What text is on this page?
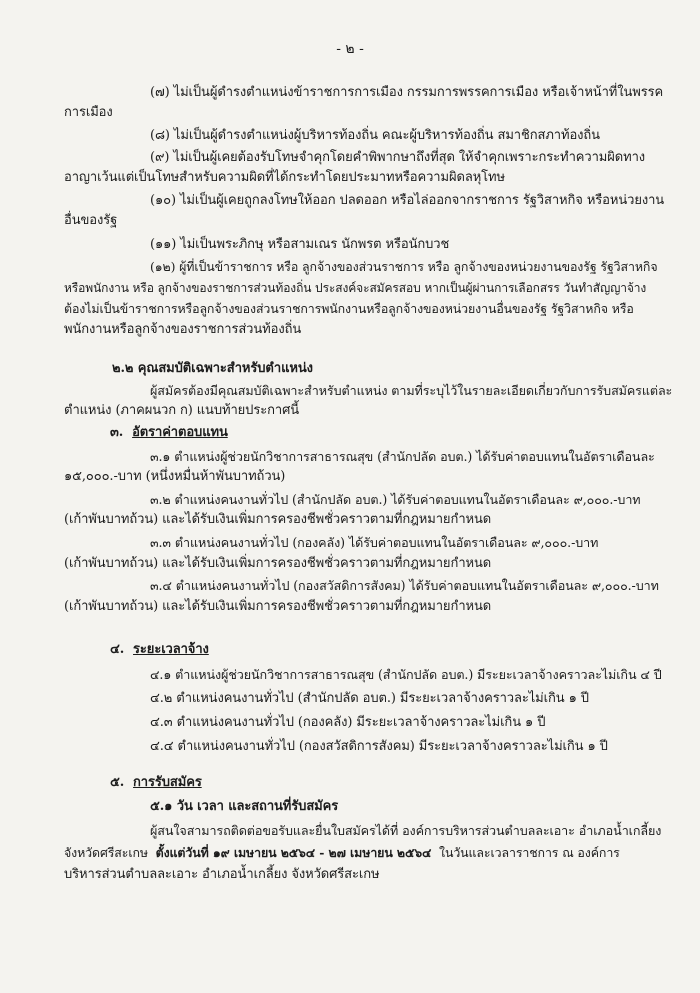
- ๒ -
(๗) ไม่เป็นผู้ดำรงตำแหน่งข้าราชการการเมือง กรรมการพรรคการเมือง หรือเจ้าหน้าที่ในพรรค
การเมือง
(๘) ไม่เป็นผู้ดำรงตำแหน่งผู้บริหารท้องถิ่น คณะผู้บริหารท้องถิ่น สมาชิกสภาท้องถิ่น
(๙) ไม่เป็นผู้เคยต้องรับโทษจำคุกโดยคำพิพากษาถึงที่สุด ให้จำคุกเพราะกระทำความผิดทาง
อาญาเว้นแต่เป็นโทษสำหรับความผิดที่ได้กระทำโดยประมาทหรือความผิดลหุโทษ
(๑๐) ไม่เป็นผู้เคยถูกลงโทษให้ออก ปลดออก หรือไล่ออกจากราชการ รัฐวิสาหกิจ หรือหน่วยงาน
อื่นของรัฐ
(๑๑) ไม่เป็นพระภิกษุ หรือสามเณร นักพรต หรือนักบวช
(๑๒) ผู้ที่เป็นข้าราชการ หรือ ลูกจ้างของส่วนราชการ หรือ ลูกจ้างของหน่วยงานของรัฐ รัฐวิสาหกิจ
หรือพนักงาน หรือ ลูกจ้างของราชการส่วนท้องถิ่น ประสงค์จะสมัครสอบ หากเป็นผู้ผ่านการเลือกสรร วันทำสัญญาจ้าง
ต้องไม่เป็นข้าราชการหรือลูกจ้างของส่วนราชการพนักงานหรือลูกจ้างของหน่วยงานอื่นของรัฐ รัฐวิสาหกิจ หรือ
พนักงานหรือลูกจ้างของราชการส่วนท้องถิ่น
๒.๒ คุณสมบัติเฉพาะสำหรับตำแหน่ง
ผู้สมัครต้องมีคุณสมบัติเฉพาะสำหรับตำแหน่ง ตามที่ระบุไว้ในรายละเอียดเกี่ยวกับการรับสมัครแต่ละ
ตำแหน่ง (ภาคผนวก ก) แนบท้ายประกาศนี้
๓. อัตราค่าตอบแทน
๓.๑ ตำแหน่งผู้ช่วยนักวิชาการสาธารณสุข (สำนักปลัด อบต.) ได้รับค่าตอบแทนในอัตราเดือนละ
๑๕,๐๐๐.-บาท (หนึ่งหมื่นห้าพันบาทถ้วน)
๓.๒ ตำแหน่งคนงานทั่วไป (สำนักปลัด อบต.) ได้รับค่าตอบแทนในอัตราเดือนละ ๙,๐๐๐.-บาท
(เก้าพันบาทถ้วน) และได้รับเงินเพิ่มการครองชีพชั่วคราวตามที่กฎหมายกำหนด
๓.๓ ตำแหน่งคนงานทั่วไป (กองคลัง) ได้รับค่าตอบแทนในอัตราเดือนละ ๙,๐๐๐.-บาท
(เก้าพันบาทถ้วน) และได้รับเงินเพิ่มการครองชีพชั่วคราวตามที่กฎหมายกำหนด
๓.๔ ตำแหน่งคนงานทั่วไป (กองสวัสดิการสังคม) ได้รับค่าตอบแทนในอัตราเดือนละ ๙,๐๐๐.-บาท
(เก้าพันบาทถ้วน) และได้รับเงินเพิ่มการครองชีพชั่วคราวตามที่กฎหมายกำหนด
๔. ระยะเวลาจ้าง
๔.๑ ตำแหน่งผู้ช่วยนักวิชาการสาธารณสุข (สำนักปลัด อบต.) มีระยะเวลาจ้างคราวละไม่เกิน ๔ ปี
๔.๒ ตำแหน่งคนงานทั่วไป (สำนักปลัด อบต.) มีระยะเวลาจ้างคราวละไม่เกิน ๑ ปี
๔.๓ ตำแหน่งคนงานทั่วไป (กองคลัง) มีระยะเวลาจ้างคราวละไม่เกิน ๑ ปี
๔.๔ ตำแหน่งคนงานทั่วไป (กองสวัสดิการสังคม) มีระยะเวลาจ้างคราวละไม่เกิน ๑ ปี
๕. การรับสมัคร
๕.๑ วัน เวลา และสถานที่รับสมัคร
ผู้สนใจสามารถติดต่อขอรับและยื่นใบสมัครได้ที่ องค์การบริหารส่วนตำบลละเอาะ อำเภอน้ำเกลี้ยง
จังหวัดศรีสะเกษ ตั้งแต่วันที่ ๑๙ เมษายน ๒๕๖๔ - ๒๗ เมษายน ๒๕๖๔ ในวันและเวลาราชการ ณ องค์การ
บริหารส่วนตำบลละเอาะ อำเภอน้ำเกลี้ยง จังหวัดศรีสะเกษ
